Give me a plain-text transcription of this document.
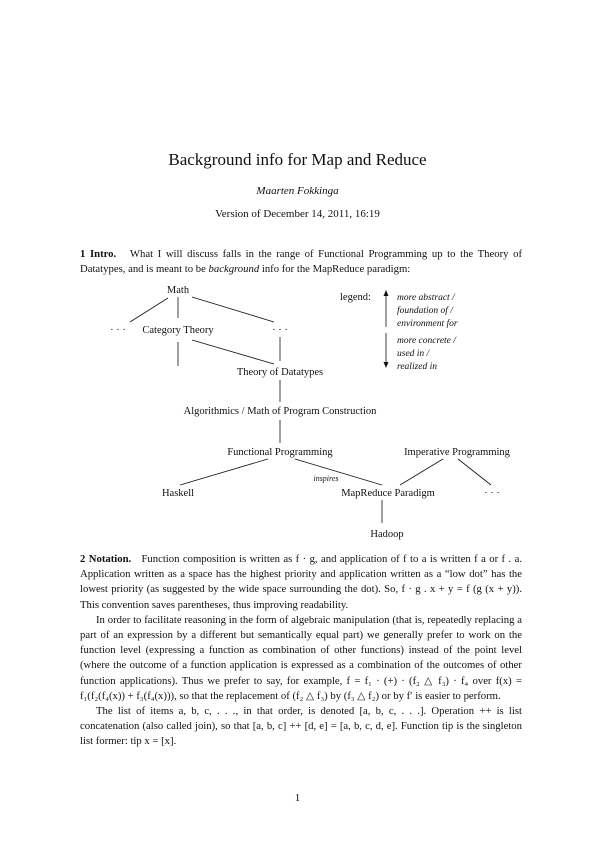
Background info for Map and Reduce
Maarten Fokkinga
Version of December 14, 2011, 16:19

1 Intro. What I will discuss falls in the range of Functional Programming up to the Theory of Datatypes, and is meant to be background info for the MapReduce paradigm:

Math
· · · Category Theory	· · ·
Theory of Datatypes
Algorithmics / Math of Program Construction
Functional Programming	Imperative Programming
inspires
Haskell	MapReduce Paradigm	· · ·
Hadoop
legend:	more abstract /
foundation of /
environment for
more concrete /
used in /
realized in

2 Notation. Function composition is written as f · g, and application of f to a is written f a or f . a. Application written as a space has the highest priority and application written as a “low dot” has the lowest priority (as suggested by the wide space surrounding the dot). So, f · g . x + y = f (g (x + y)). This convention saves parentheses, thus improving readability.

In order to facilitate reasoning in the form of algebraic manipulation (that is, repeatedly replacing a part of an expression by a different but semantically equal part) we generally prefer to work on the function level (expressing a function as combination of other functions) instead of the point level (where the outcome of a function application is expressed as a combination of the outcomes of other function applications). Thus we prefer to say, for example, f = f₁ · (+) · (f₂ △ f₃) · f₄ over f(x) = f₁(f₂(f₄(x)) + f₃(f₄(x))), so that the replacement of (f₂ △ f₃) by (f₃ △ f₂) or by f′ is easier to perform.

The list of items a, b, c, . . ., in that order, is denoted [a, b, c, . . .]. Operation ++ is list concatenation (also called join), so that [a, b, c] ++ [d, e] = [a, b, c, d, e]. Function tip is the singleton list former: tip x = [x].

1
